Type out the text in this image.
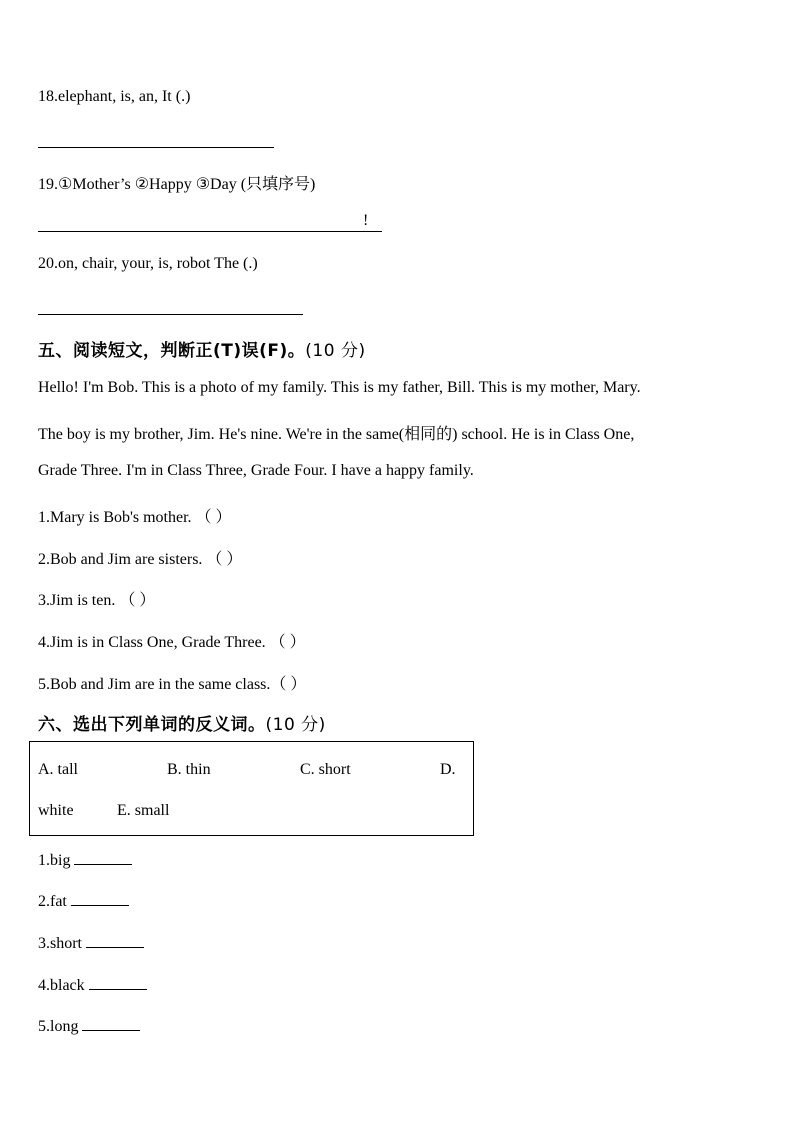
18.elephant, is, an, It (.)
19.①Mother’s ②Happy ③Day (只填序号)
!
20.on, chair, your, is, robot The (.)
五、阅读短文，判断正(T)误(F)。(10 分)
Hello! I'm Bob. This is a photo of my family. This is my father, Bill. This is my mother, Mary.
The boy is my brother, Jim. He's nine. We're in the same(相同的) school. He is in Class One,
Grade Three. I'm in Class Three, Grade Four. I have a happy family.
1.Mary is Bob's mother. （ ）
2.Bob and Jim are sisters. （ ）
3.Jim is ten. （ ）
4.Jim is in Class One, Grade Three. （ ）
5.Bob and Jim are in the same class.（ ）
六、选出下列单词的反义词。(10 分)
A. tall	B. thin	C. short	D.
white	E. small
1.big
2.fat
3.short
4.black
5.long
